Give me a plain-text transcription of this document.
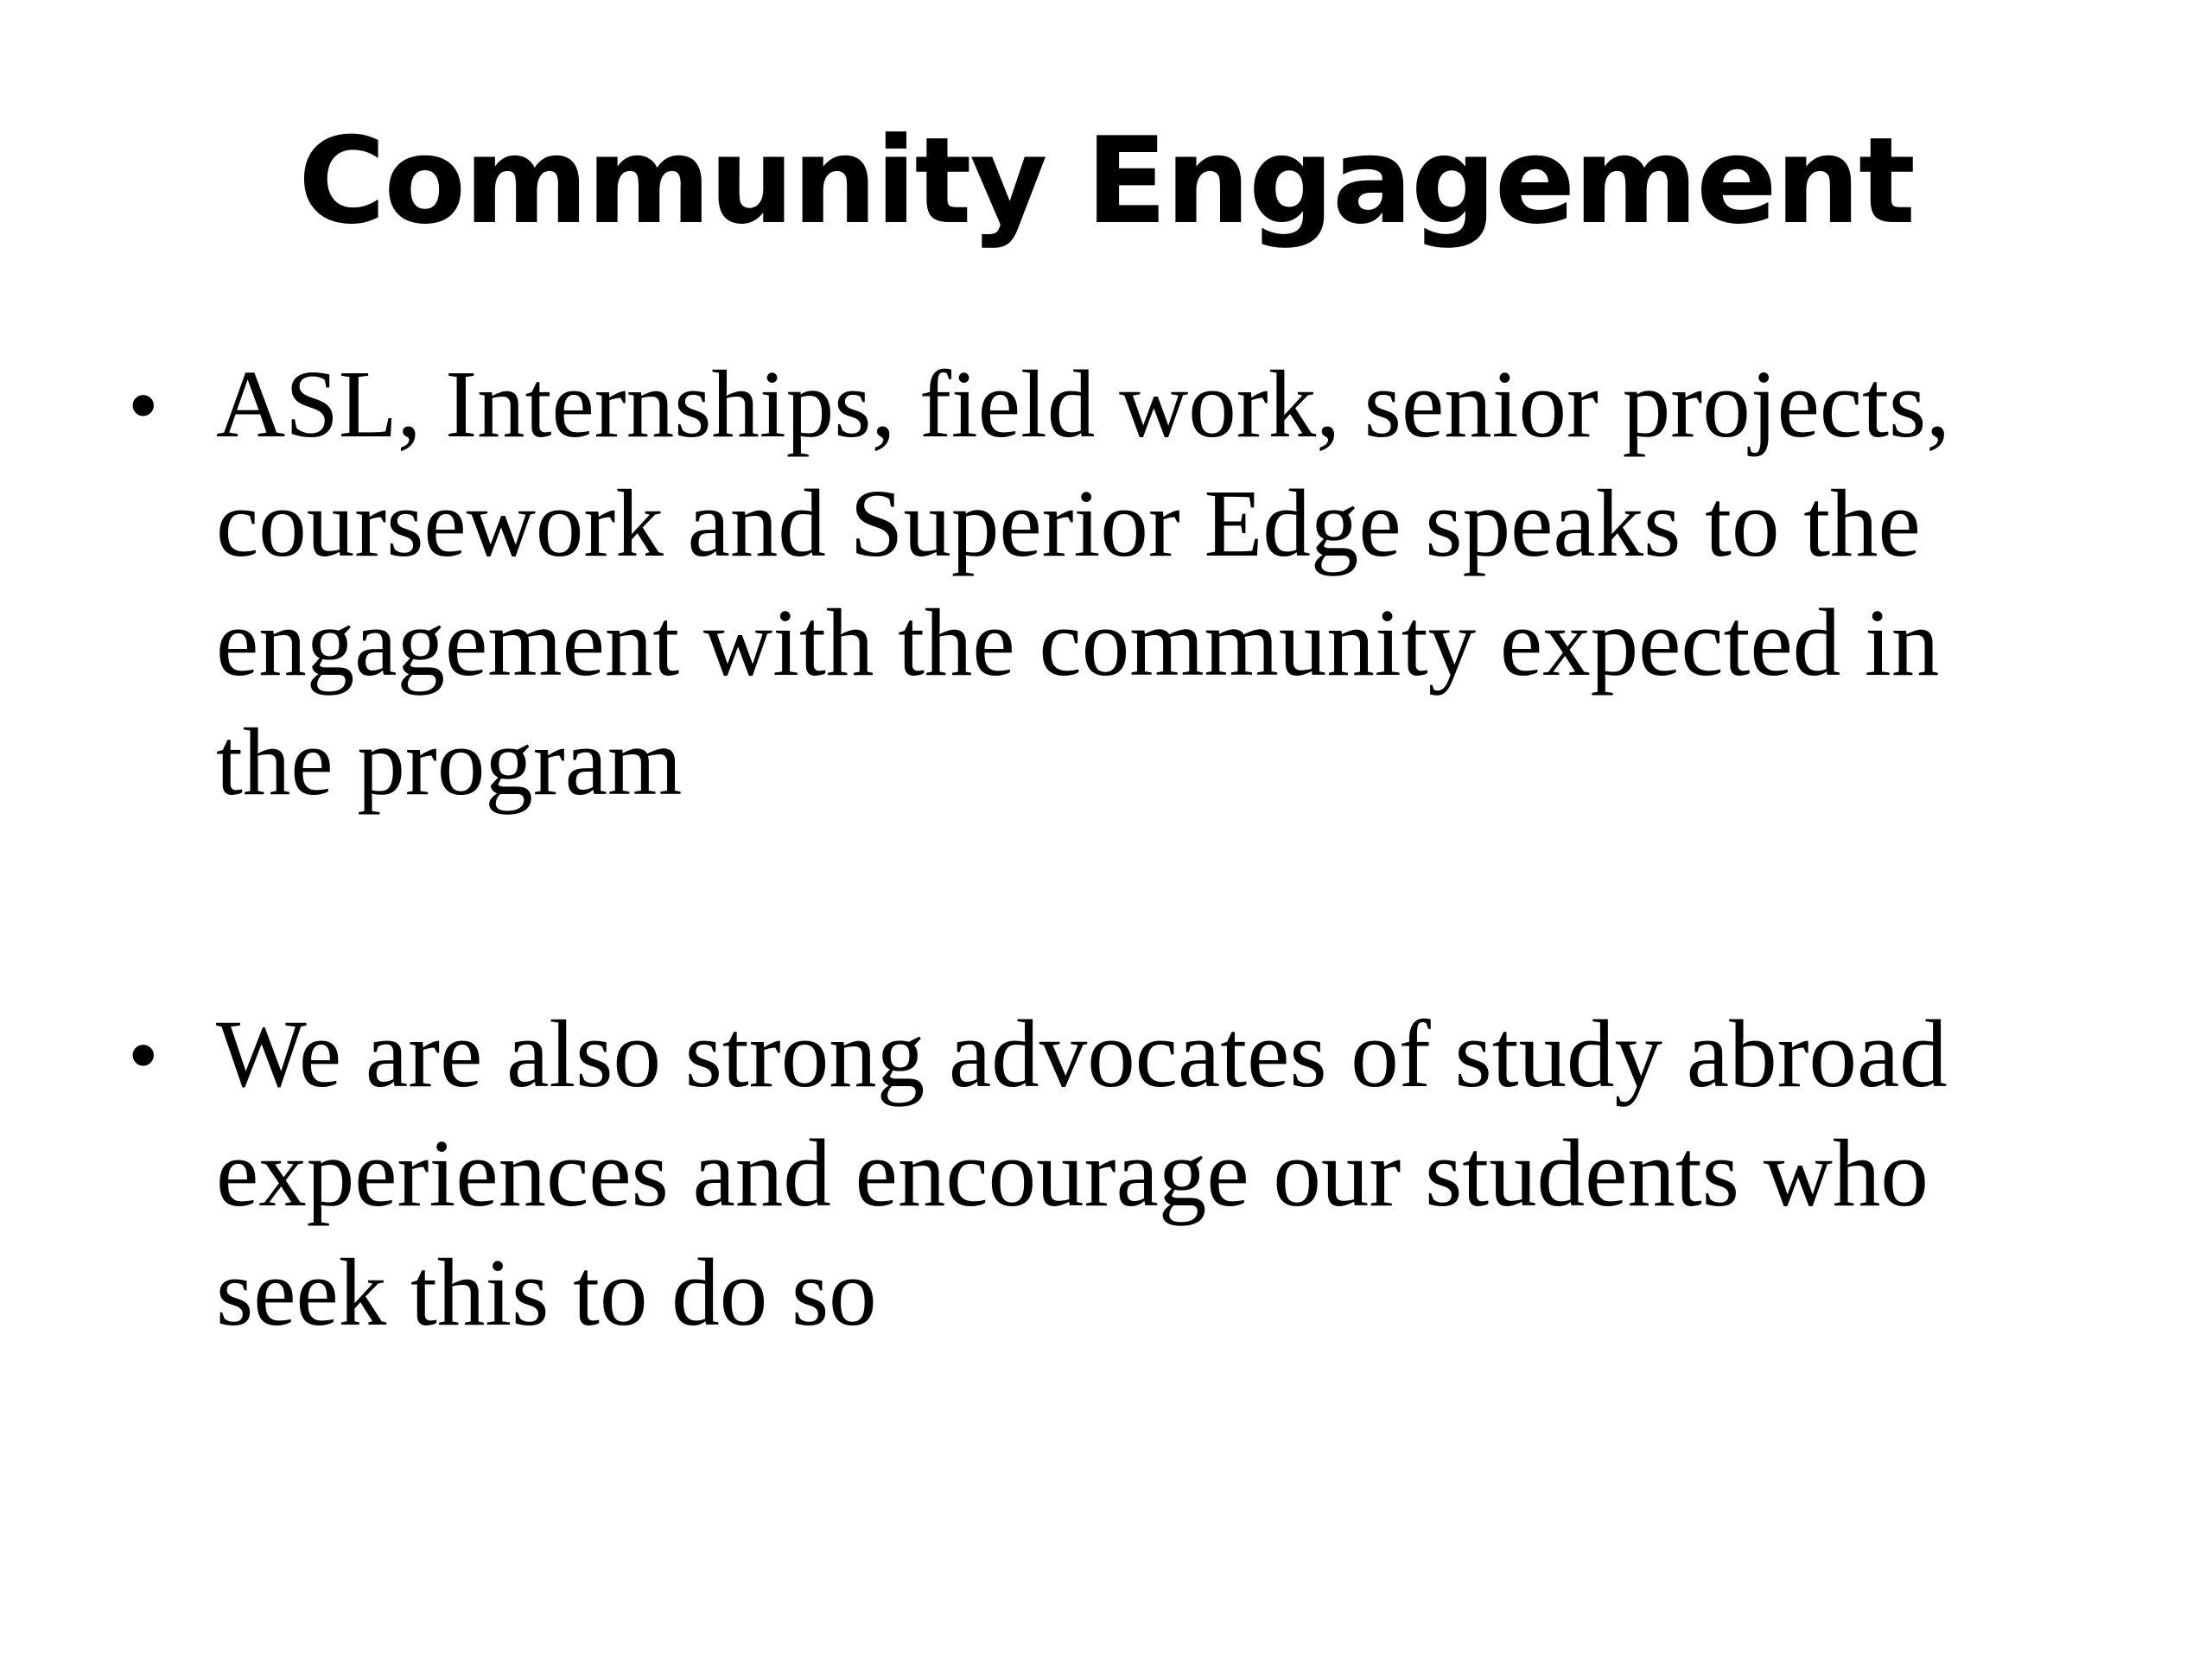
Community Engagement
• ASL, Internships, field work, senior projects, coursework and Superior Edge speaks to the engagement with the community expected in the program
• We are also strong advocates of study abroad experiences and encourage our students who seek this to do so
